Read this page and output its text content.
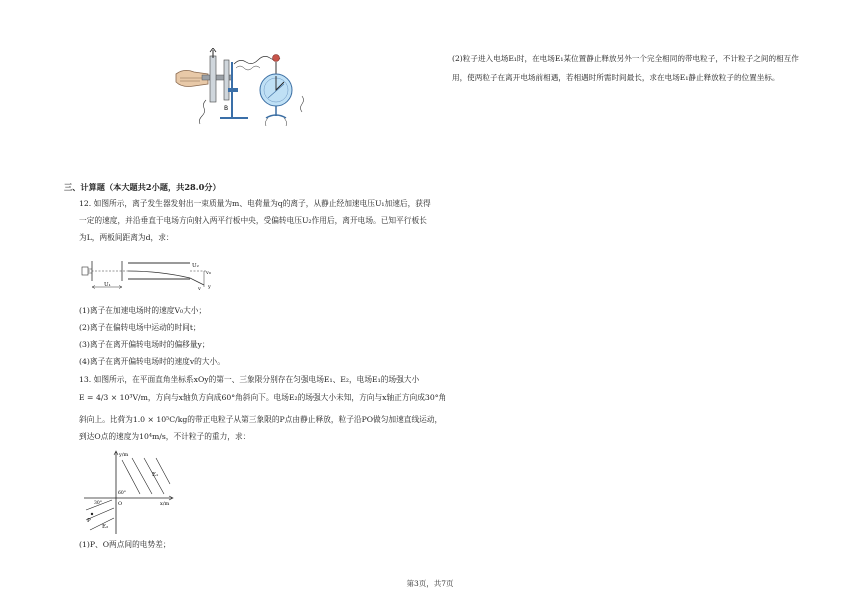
B
(2)粒子进入电场E₁时，在电场E₁某位置静止释放另外一个完全相同的带电粒子，不计粒子之间的相互作
用，使两粒子在离开电场前相遇，若相遇时所需时间最长，求在电场E₁静止释放粒子的位置坐标。
三、计算题（本大题共2小题，共28.0分）
12. 如图所示，离子发生器发射出一束质量为m、电荷量为q的离子，从静止经加速电压U₁加速后，获得
一定的速度，并沿垂直于电场方向射入两平行板中央，受偏转电压U₂作用后，离开电场。已知平行板长
为L，两板间距离为d，求：
U₂
v₀
v y
U₁
(1)离子在加速电场时的速度V₀大小；
(2)离子在偏转电场中运动的时间t；
(3)离子在离开偏转电场时的偏移量y；
(4)离子在离开偏转电场时的速度v的大小。
13. 如图所示，在平面直角坐标系xOy的第一、三象限分别存在匀强电场E₁、E₂，电场E₁的场强大小
E = 4/3 × 10³V/m，方向与x轴负方向成60°角斜向下。电场E₂的场强大小未知，方向与x轴正方向成30°角
斜向上。比荷为1.0 × 10⁵C/kg的带正电粒子从第三象限的P点由静止释放，粒子沿PO做匀加速直线运动，
到达O点的速度为10⁴m/s，不计粒子的重力，求：
y/m
x/m
O
E₁
60°
30°
E₂
P
(1)P、O两点间的电势差；
第3页，共7页
